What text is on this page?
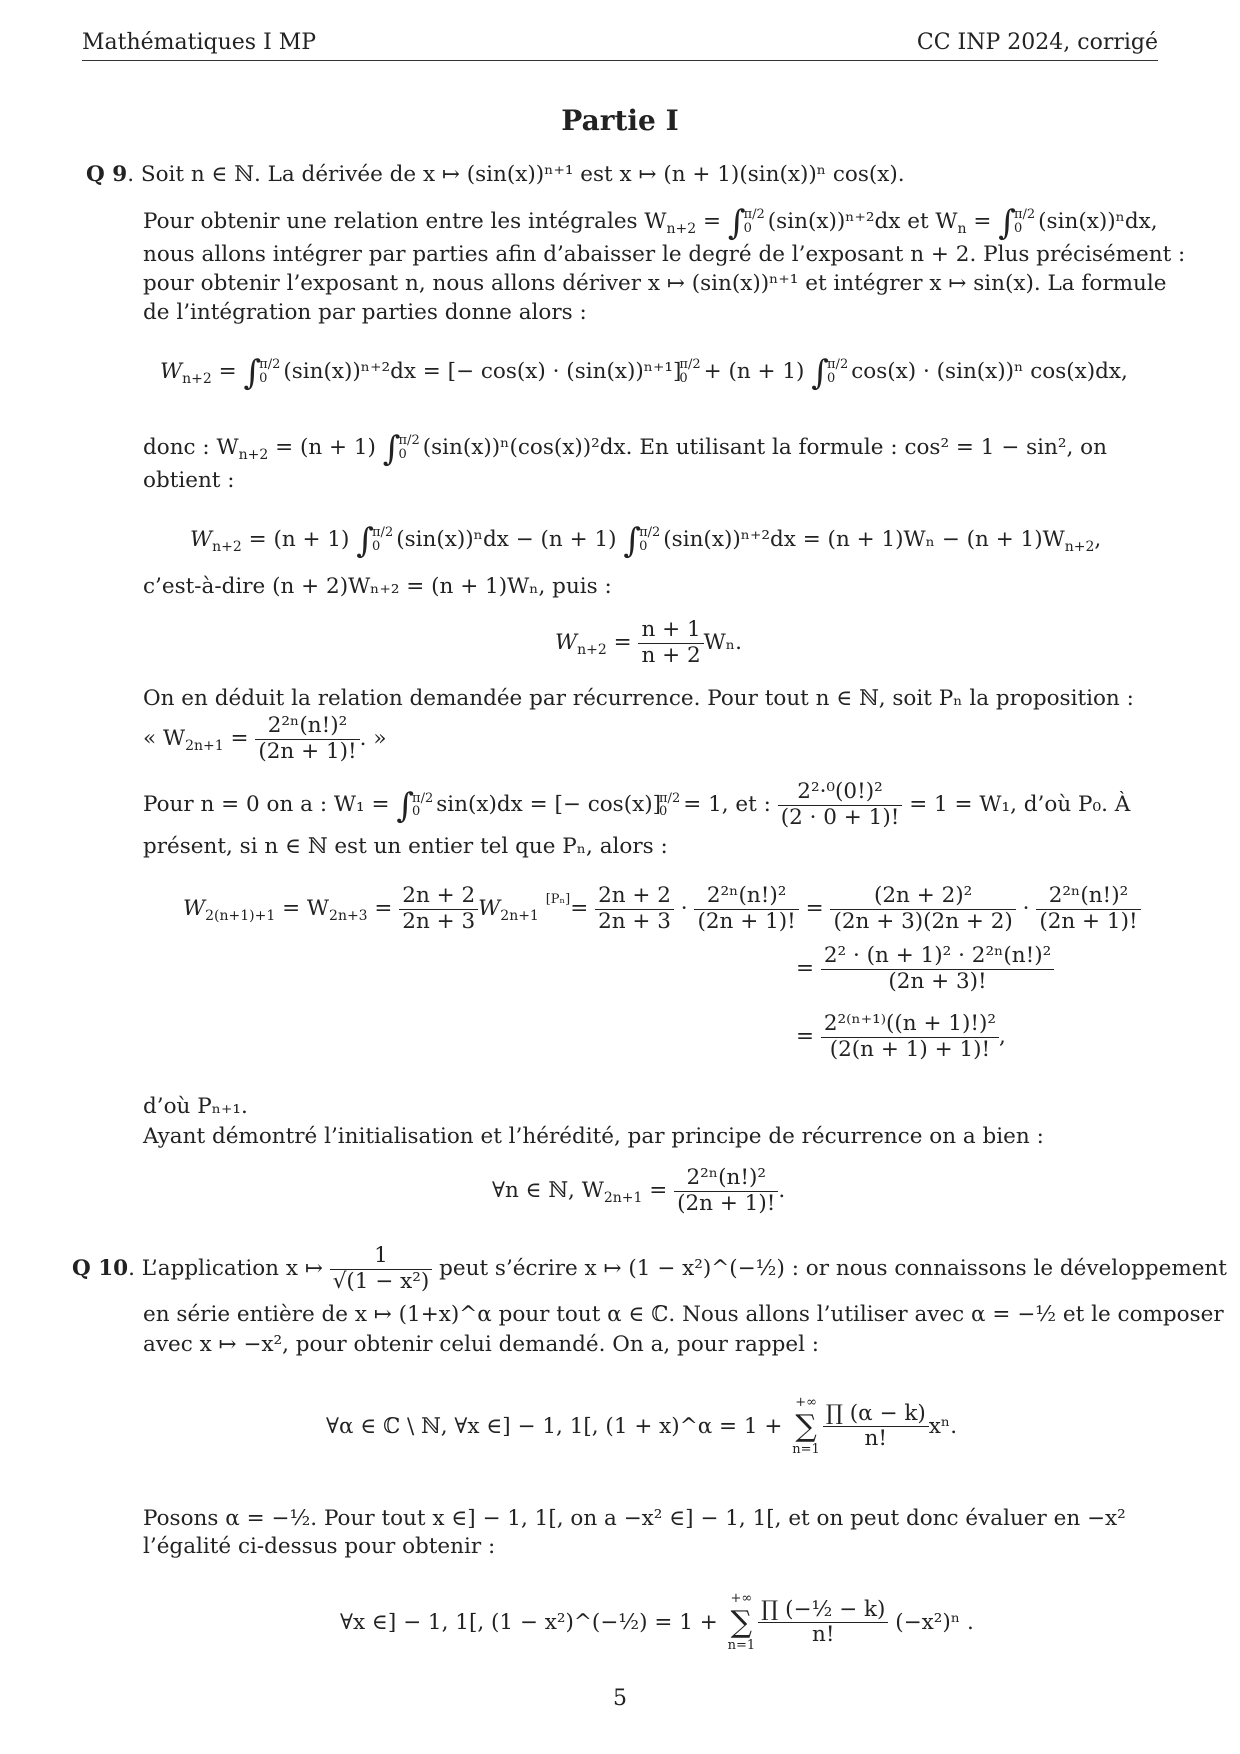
Mathématiques I MP	CC INP 2024, corrigé
Partie I
Q 9. Soit n ∈ ℕ. La dérivée de x ↦ (sin(x))ⁿ⁺¹ est x ↦ (n + 1)(sin(x))ⁿ cos(x).
Pour obtenir une relation entre les intégrales $W_{n+2}$ = ∫
π/2
0 (sin(x))ⁿ⁺²dx et $W_n$ = ∫
π/2
0 (sin(x))ⁿdx,
nous allons intégrer par parties afin d’abaisser le degré de l’exposant n + 2. Plus précisément :
pour obtenir l’exposant n, nous allons dériver x ↦ (sin(x))ⁿ⁺¹ et intégrer x ↦ sin(x). La formule
de l’intégration par parties donne alors :
$W_{n+2}$ = ∫
π/2
0 (sin(x))ⁿ⁺²dx = [− cos(x) · (sin(x))ⁿ⁺¹]
π/2
0 + (n + 1) ∫
π/2
0 cos(x) · (sin(x))ⁿ cos(x)dx,
donc : $W_{n+2} = (n + 1)$ ∫
π/2
0 (sin(x))ⁿ(cos(x))²dx. En utilisant la formule : cos² = 1 − sin², on
obtient :
$W_{n+2} = (n + 1)$ ∫
π/2
0 (sin(x))ⁿdx − (n + 1) ∫
π/2
0 $(\sin(x))^{n+2}dx = (n + 1)W_n - (n + 1)W_{n+2}$,
c’est-à-dire (n + 2)Wₙ₊₂ = (n + 1)Wₙ, puis :
$W_{n+2} = \frac{n + 1}{n + 2} W_n$.
On en déduit la relation demandée par récurrence. Pour tout n ∈ ℕ, soit Pₙ la proposition :
« $W_{2n+1} = \frac{\text{2²ⁿ(n!)²}}{(2n + 1)!}$ . »
Pour n = 0 on a : W₁ = ∫
π/2
0 sin(x)dx = [− cos(x)]
π/2
0 = 1, et : $\frac{\text{2²·⁰(0!)²}}{(2 \cdot 0 + 1)!} = 1 = W_1$, d’où P₀. À
présent, si n ∈ ℕ est un entier tel que Pₙ, alors :
$W_{2(n+1)+1} = W_{2n+3} = \frac{2n + 2}{2n + 3} W_{2n+1}$ $[P_n]= \frac{2n + 2}{2n + 3} \cdot \frac{\text{2²ⁿ(n!)²}}{(2n + 1)!} = \frac{\text{(2n + 2)²}}{(2n + 3)(2n + 2)} \cdot \frac{\text{2²ⁿ(n!)²}}{(2n + 1)!}$
= $\frac{\text{2² · (n + 1)² · 2²ⁿ(n!)²}}{(2n + 3)!}$
= $\frac{\text{2²⁽ⁿ⁺¹⁾((n + 1)!)²}}{(2(n + 1) + 1)!}$ ,
d’où Pₙ₊₁.
Ayant démontré l’initialisation et l’hérédité, par principe de récurrence on a bien :
∀n ∈ ℕ, $W_{2n+1} = \frac{\text{2²ⁿ(n!)²}}{(2n + 1)!}$ .
Q 10. L’application x ↦ $\frac{1}{\text{√(1 − x²)}}$ peut s’écrire x ↦ (1 − x²)^(−½) : or nous connaissons le développement
en série entière de x ↦ (1+x)^α pour tout α ∈ ℂ. Nous allons l’utiliser avec α = −½ et le composer
avec x ↦ −x², pour obtenir celui demandé. On a, pour rappel :
∀α ∈ ℂ \ ℕ, ∀x ∈] − 1, 1[, (1 + x)^α = 1 + +∞
∑
$n=1 \frac{\prod (\alpha - k)}{n!} x^n$.
Posons α = −½. Pour tout x ∈] − 1, 1[, on a −x² ∈] − 1, 1[, et on peut donc évaluer en −x²
l’égalité ci-dessus pour obtenir :
∀x ∈] − 1, 1[, (1 − x²)^(−½) = 1 + +∞
∑
$n=1 \frac{\text{∏ (−½ − k)}}{n!} (-x^2)^n$ .
5
